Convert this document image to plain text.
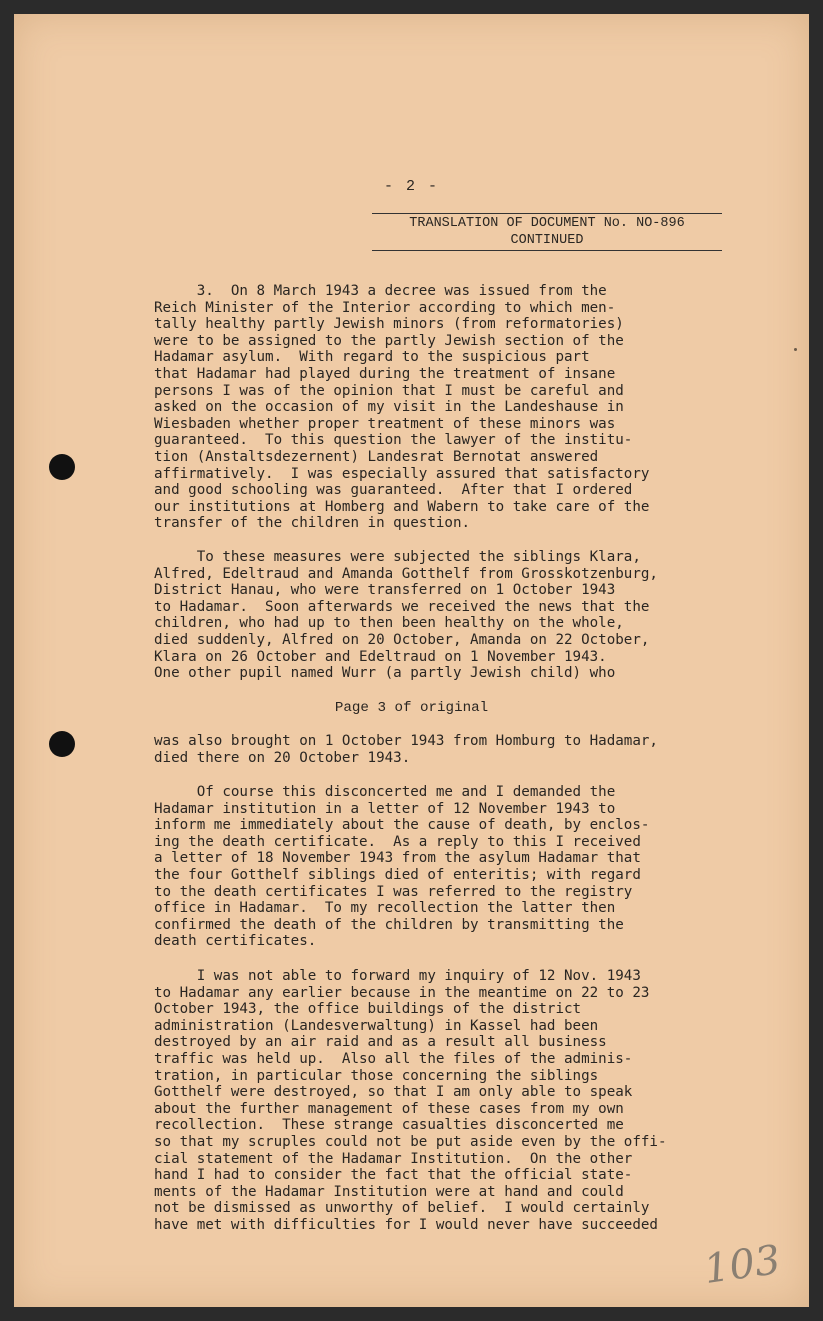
- 2 -
TRANSLATION OF DOCUMENT No. NO-896
CONTINUED
3.  On 8 March 1943 a decree was issued from the
Reich Minister of the Interior according to which men-
tally healthy partly Jewish minors (from reformatories)
were to be assigned to the partly Jewish section of the
Hadamar asylum.  With regard to the suspicious part
that Hadamar had played during the treatment of insane
persons I was of the opinion that I must be careful and
asked on the occasion of my visit in the Landeshause in
Wiesbaden whether proper treatment of these minors was
guaranteed.  To this question the lawyer of the institu-
tion (Anstaltsdezernent) Landesrat Bernotat answered
affirmatively.  I was especially assured that satisfactory
and good schooling was guaranteed.  After that I ordered
our institutions at Homberg and Wabern to take care of the
transfer of the children in question.
To these measures were subjected the siblings Klara,
Alfred, Edeltraud and Amanda Gotthelf from Grosskotzenburg,
District Hanau, who were transferred on 1 October 1943
to Hadamar.  Soon afterwards we received the news that the
children, who had up to then been healthy on the whole,
died suddenly, Alfred on 20 October, Amanda on 22 October,
Klara on 26 October and Edeltraud on 1 November 1943.
One other pupil named Wurr (a partly Jewish child) who
Page 3 of original
was also brought on 1 October 1943 from Homburg to Hadamar,
died there on 20 October 1943.
Of course this disconcerted me and I demanded the
Hadamar institution in a letter of 12 November 1943 to
inform me immediately about the cause of death, by enclos-
ing the death certificate.  As a reply to this I received
a letter of 18 November 1943 from the asylum Hadamar that
the four Gotthelf siblings died of enteritis; with regard
to the death certificates I was referred to the registry
office in Hadamar.  To my recollection the latter then
confirmed the death of the children by transmitting the
death certificates.
I was not able to forward my inquiry of 12 Nov. 1943
to Hadamar any earlier because in the meantime on 22 to 23
October 1943, the office buildings of the district
administration (Landesverwaltung) in Kassel had been
destroyed by an air raid and as a result all business
traffic was held up.  Also all the files of the adminis-
tration, in particular those concerning the siblings
Gotthelf were destroyed, so that I am only able to speak
about the further management of these cases from my own
recollection.  These strange casualties disconcerted me
so that my scruples could not be put aside even by the offi-
cial statement of the Hadamar Institution.  On the other
hand I had to consider the fact that the official state-
ments of the Hadamar Institution were at hand and could
not be dismissed as unworthy of belief.  I would certainly
have met with difficulties for I would never have succeeded
103
